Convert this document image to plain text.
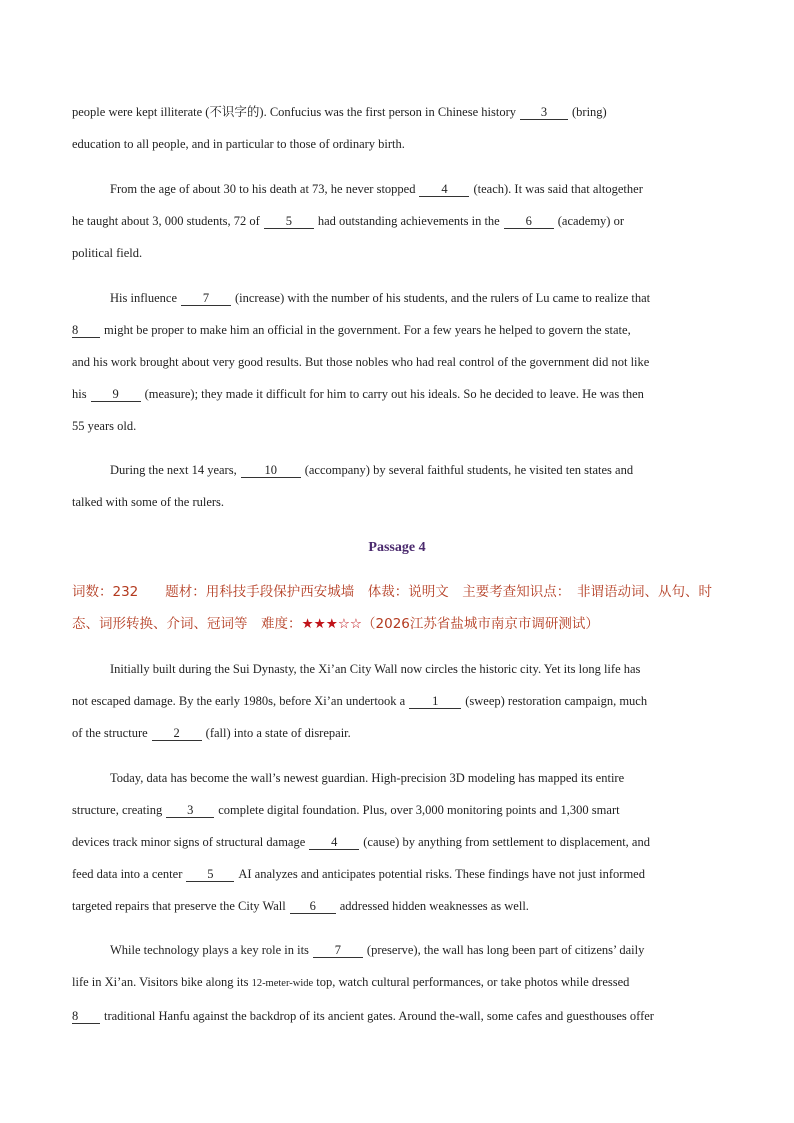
people were kept illiterate (不识字的). Confucius was the first person in Chinese history 3 (bring)
education to all people, and in particular to those of ordinary birth.
From the age of about 30 to his death at 73, he never stopped 4 (teach). It was said that altogether
he taught about 3, 000 students, 72 of 5 had outstanding achievements in the 6 (academy) or
political field.
His influence 7 (increase) with the number of his students, and the rulers of Lu came to realize that
8 might be proper to make him an official in the government. For a few years he helped to govern the state,
and his work brought about very good results. But those nobles who had real control of the government did not like
his 9 (measure); they made it difficult for him to carry out his ideals. So he decided to leave. He was then
55 years old.
During the next 14 years, 10 (accompany) by several faithful students, he visited ten states and
talked with some of the rulers.
Passage 4
词数：232　　题材：用科技手段保护西安城墙　体裁：说明文　主要考查知识点：　非谓语动词、从句、时
态、词形转换、介词、冠词等　难度：★★★☆☆（2026江苏省盐城市南京市调研测试）
Initially built during the Sui Dynasty, the Xi’an City Wall now circles the historic city. Yet its long life has
not escaped damage. By the early 1980s, before Xi’an undertook a 1 (sweep) restoration campaign, much
of the structure 2 (fall) into a state of disrepair.
Today, data has become the wall’s newest guardian. High-precision 3D modeling has mapped its entire
structure, creating 3 complete digital foundation. Plus, over 3,000 monitoring points and 1,300 smart
devices track minor signs of structural damage 4 (cause) by anything from settlement to displacement, and
feed data into a center 5 AI analyzes and anticipates potential risks. These findings have not just informed
targeted repairs that preserve the City Wall 6 addressed hidden weaknesses as well.
While technology plays a key role in its 7 (preserve), the wall has long been part of citizens’ daily
life in Xi’an. Visitors bike along its 12-meter-wide top, watch cultural performances, or take photos while dressed
8 traditional Hanfu against the backdrop of its ancient gates. Around the-wall, some cafes and guesthouses offer
